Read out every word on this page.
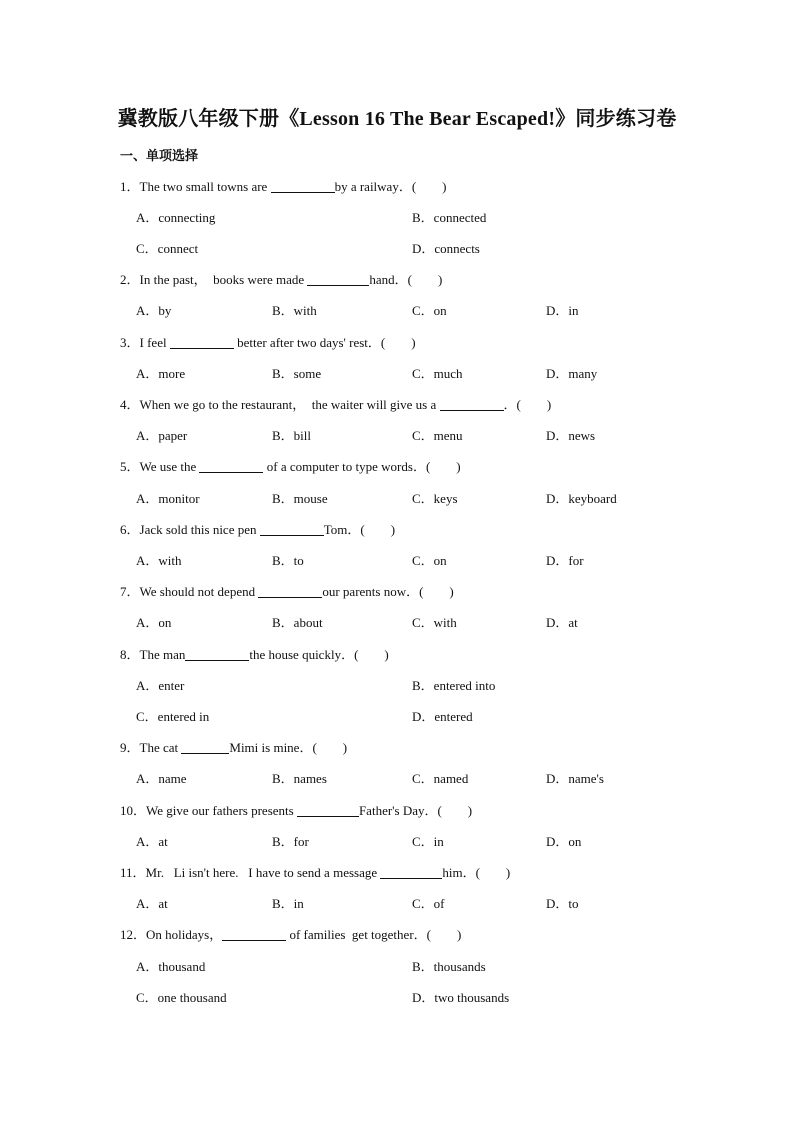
冀教版八年级下册《Lesson 16 The Bear Escaped!》同步练习卷
一、单项选择
1．The two small towns are	by a railway．(　　)
A．connecting	B．connected
C．connect	D．connects
2．In the past，  books were made	hand．(　　)
A．by	B．with	C．on	D．in
3．I feel	better after two days' rest．(　　)
A．more	B．some	C．much	D．many
4．When we go to the restaurant，  the waiter will give us a	．(　　)
A．paper	B．bill	C．menu	D．news
5．We use the	of a computer to type words．(　　)
A．monitor	B．mouse	C．keys	D．keyboard
6．Jack sold this nice pen	Tom．(　　)
A．with	B．to	C．on	D．for
7．We should not depend	our parents now．(　　)
A．on	B．about	C．with	D．at
8．The man	the house quickly．(　　)
A．enter	B．entered into
C．entered in	D．entered
9．The cat	Mimi is mine．(　　)
A．name	B．names	C．named	D．name's
10．We give our fathers presents	Father's Day．(　　)
A．at	B．for	C．in	D．on
11．Mr.   Li isn't here.   I have to send a message	him．(　　)
A．at	B．in	C．of	D．to
12．On holidays，	of families  get together．(　　)
A．thousand	B．thousands
C．one thousand	D．two thousands
